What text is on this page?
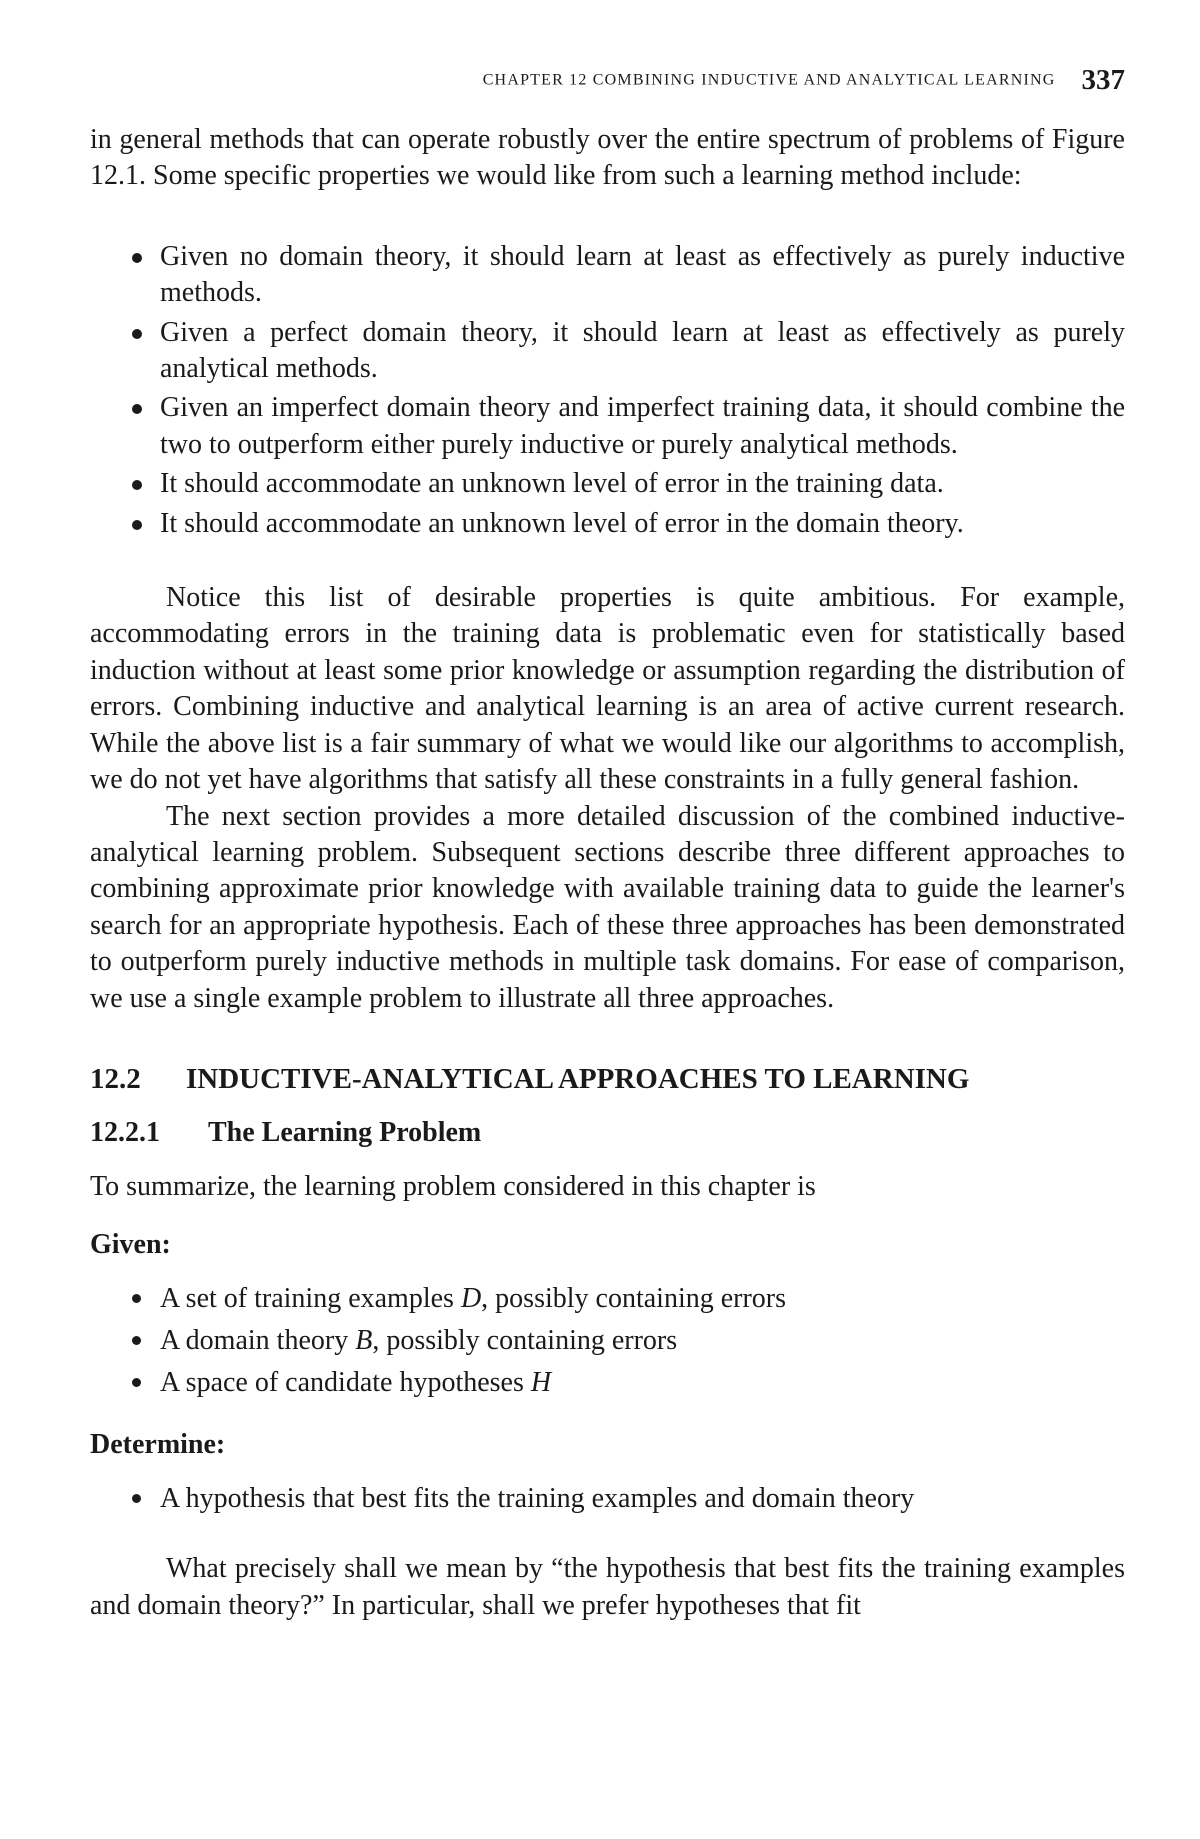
CHAPTER 12 COMBINING INDUCTIVE AND ANALYTICAL LEARNING 337

in general methods that can operate robustly over the entire spectrum of problems of Figure 12.1. Some specific properties we would like from such a learning method include:

Given no domain theory, it should learn at least as effectively as purely inductive methods.
Given a perfect domain theory, it should learn at least as effectively as purely analytical methods.
Given an imperfect domain theory and imperfect training data, it should combine the two to outperform either purely inductive or purely analytical methods.
It should accommodate an unknown level of error in the training data.
It should accommodate an unknown level of error in the domain theory.

Notice this list of desirable properties is quite ambitious. For example, accommodating errors in the training data is problematic even for statistically based induction without at least some prior knowledge or assumption regarding the distribution of errors. Combining inductive and analytical learning is an area of active current research. While the above list is a fair summary of what we would like our algorithms to accomplish, we do not yet have algorithms that satisfy all these constraints in a fully general fashion.

The next section provides a more detailed discussion of the combined inductive-analytical learning problem. Subsequent sections describe three different approaches to combining approximate prior knowledge with available training data to guide the learner's search for an appropriate hypothesis. Each of these three approaches has been demonstrated to outperform purely inductive methods in multiple task domains. For ease of comparison, we use a single example problem to illustrate all three approaches.

12.2 INDUCTIVE-ANALYTICAL APPROACHES TO LEARNING
12.2.1 The Learning Problem

To summarize, the learning problem considered in this chapter is

Given:
A set of training examples D, possibly containing errors
A domain theory B, possibly containing errors
A space of candidate hypotheses H
Determine:
A hypothesis that best fits the training examples and domain theory

What precisely shall we mean by “the hypothesis that best fits the training examples and domain theory?” In particular, shall we prefer hypotheses that fit
